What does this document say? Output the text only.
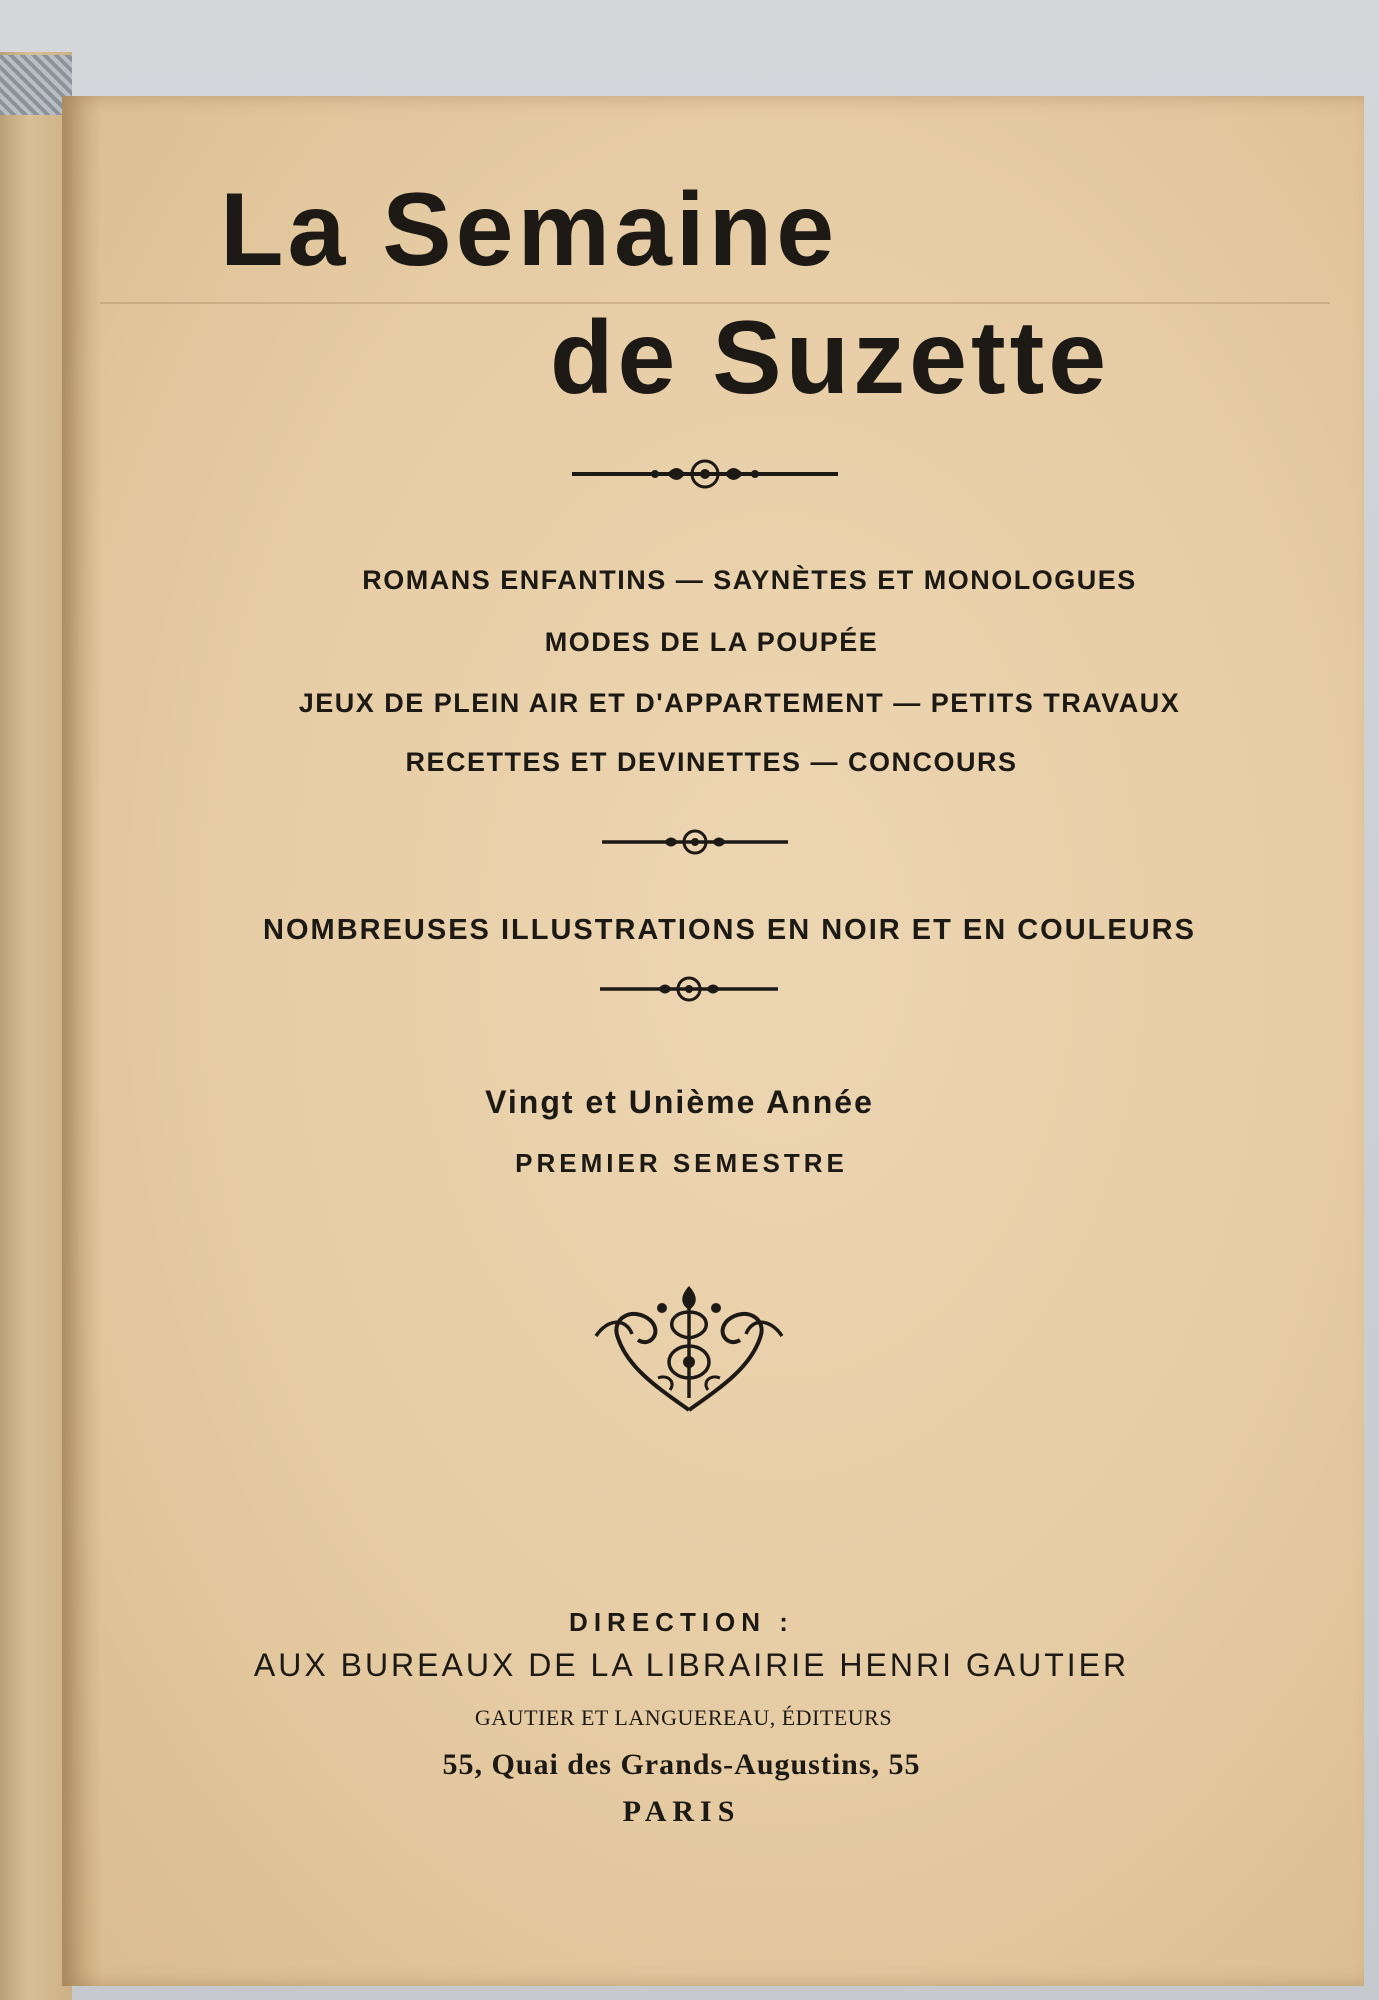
La Semaine
de Suzette
ROMANS ENFANTINS — SAYNÈTES ET MONOLOGUES
MODES DE LA POUPÉE
JEUX DE PLEIN AIR ET D'APPARTEMENT — PETITS TRAVAUX
RECETTES ET DEVINETTES — CONCOURS
NOMBREUSES ILLUSTRATIONS EN NOIR ET EN COULEURS
Vingt et Unième Année
PREMIER SEMESTRE
DIRECTION :
AUX BUREAUX DE LA LIBRAIRIE HENRI GAUTIER
GAUTIER ET LANGUEREAU, ÉDITEURS
55, Quai des Grands-Augustins, 55
PARIS
